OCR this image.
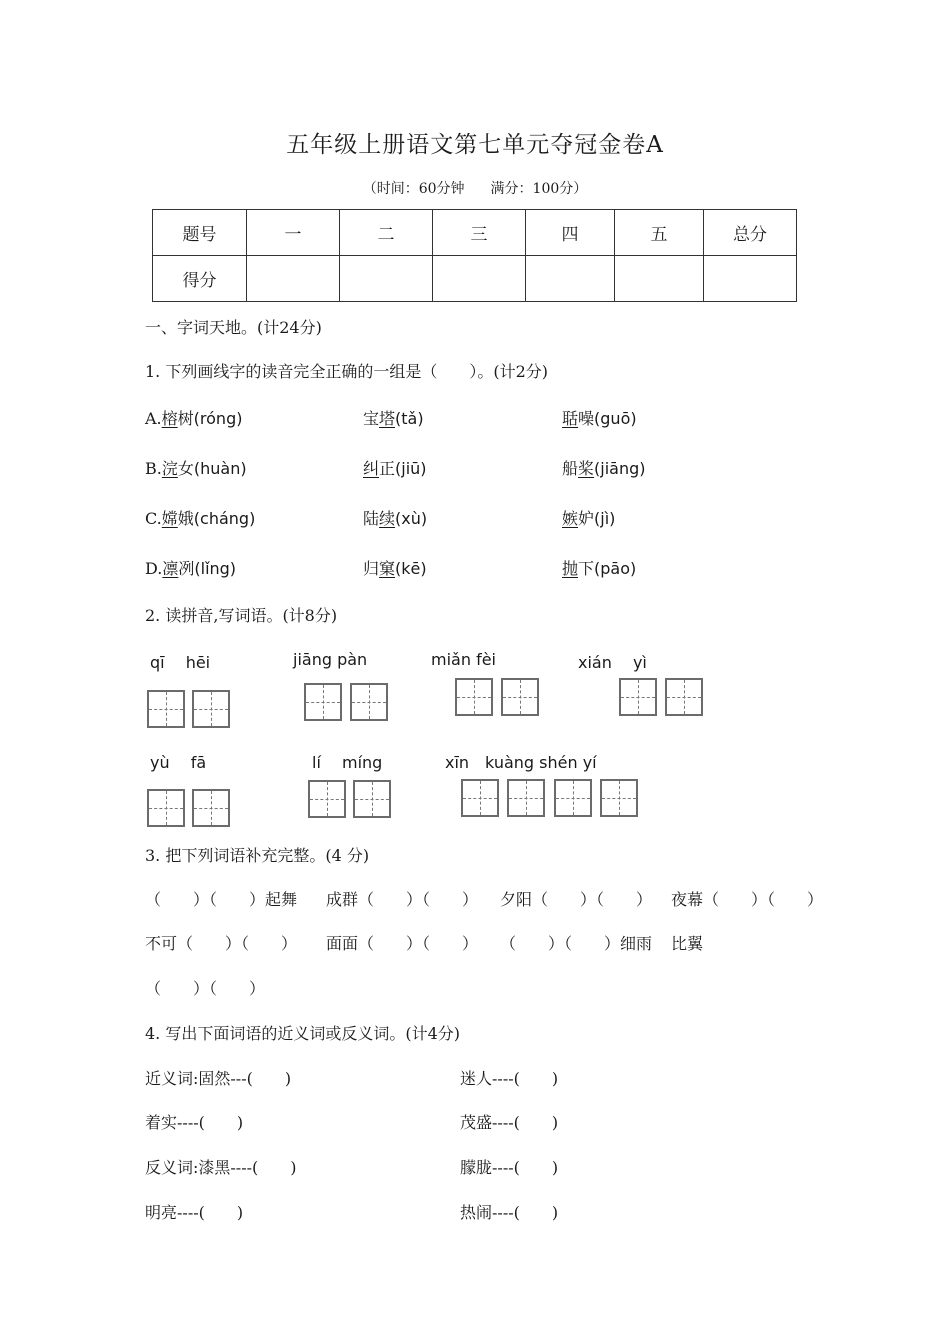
五年级上册语文第七单元夺冠金卷A
（时间：60分钟 满分：100分）
题号	一	二	三	四	五	总分
得分						
一、字词天地。(计24分)
1. 下列画线字的读音完全正确的一组是（　　）。(计2分)
A.榕树(róng)	宝塔(tǎ)	聒噪(guō)
B.浣女(huàn)	纠正(jiū)	船桨(jiāng)
C.嫦娥(cháng)	陆续(xù)	嫉妒(jì)
D.凛冽(lǐng)	归窠(kē)	抛下(pāo)
2. 读拼音,写词语。(计8分)
qī　 hēi	jiāng pàn	miǎn fèi	xián　 yì
yù　 fā	lí　 míng	xīn　kuàng shén yí
3. 把下列词语补充完整。(4 分)
（　　）（　　）起舞 成群（　　）（　　） 夕阳（　　）（　　） 夜幕（　　）（　　）
不可（　　）（　　） 面面（　　）（　　） （　　）（　　）细雨 比翼
（　　）（　　）
4. 写出下面词语的近义词或反义词。(计4分)
近义词:固然---(　　)	迷人----(　　)
着实----(　　)	茂盛----(　　)
反义词:漆黑----(　　)	朦胧----(　　)
明亮----(　　)	热闹----(　　)
